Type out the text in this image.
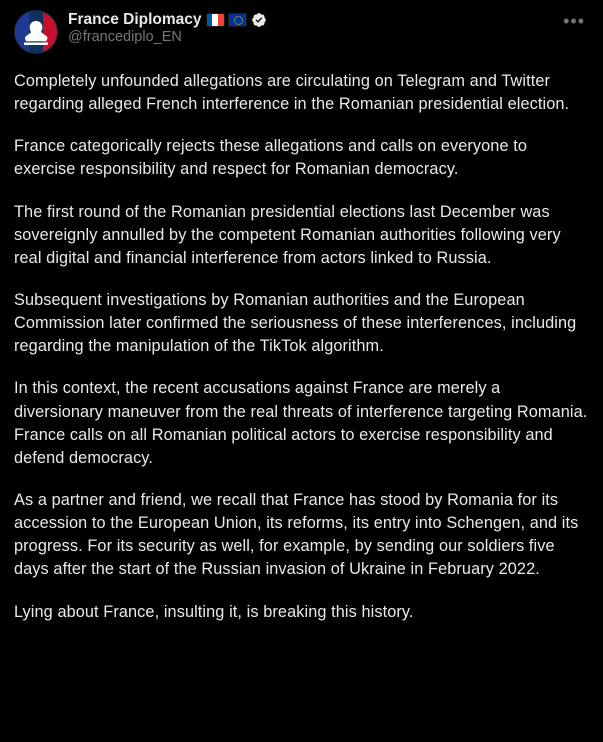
France Diplomacy
@francediplo_EN
•••

Completely unfounded allegations are circulating on Telegram and Twitter regarding alleged French interference in the Romanian presidential election.

France categorically rejects these allegations and calls on everyone to exercise responsibility and respect for Romanian democracy.

The first round of the Romanian presidential elections last December was sovereignly annulled by the competent Romanian authorities following very real digital and financial interference from actors linked to Russia.

Subsequent investigations by Romanian authorities and the European Commission later confirmed the seriousness of these interferences, including regarding the manipulation of the TikTok algorithm.

In this context, the recent accusations against France are merely a diversionary maneuver from the real threats of interference targeting Romania. France calls on all Romanian political actors to exercise responsibility and defend democracy.

As a partner and friend, we recall that France has stood by Romania for its accession to the European Union, its reforms, its entry into Schengen, and its progress. For its security as well, for example, by sending our soldiers five days after the start of the Russian invasion of Ukraine in February 2022.

Lying about France, insulting it, is breaking this history.
